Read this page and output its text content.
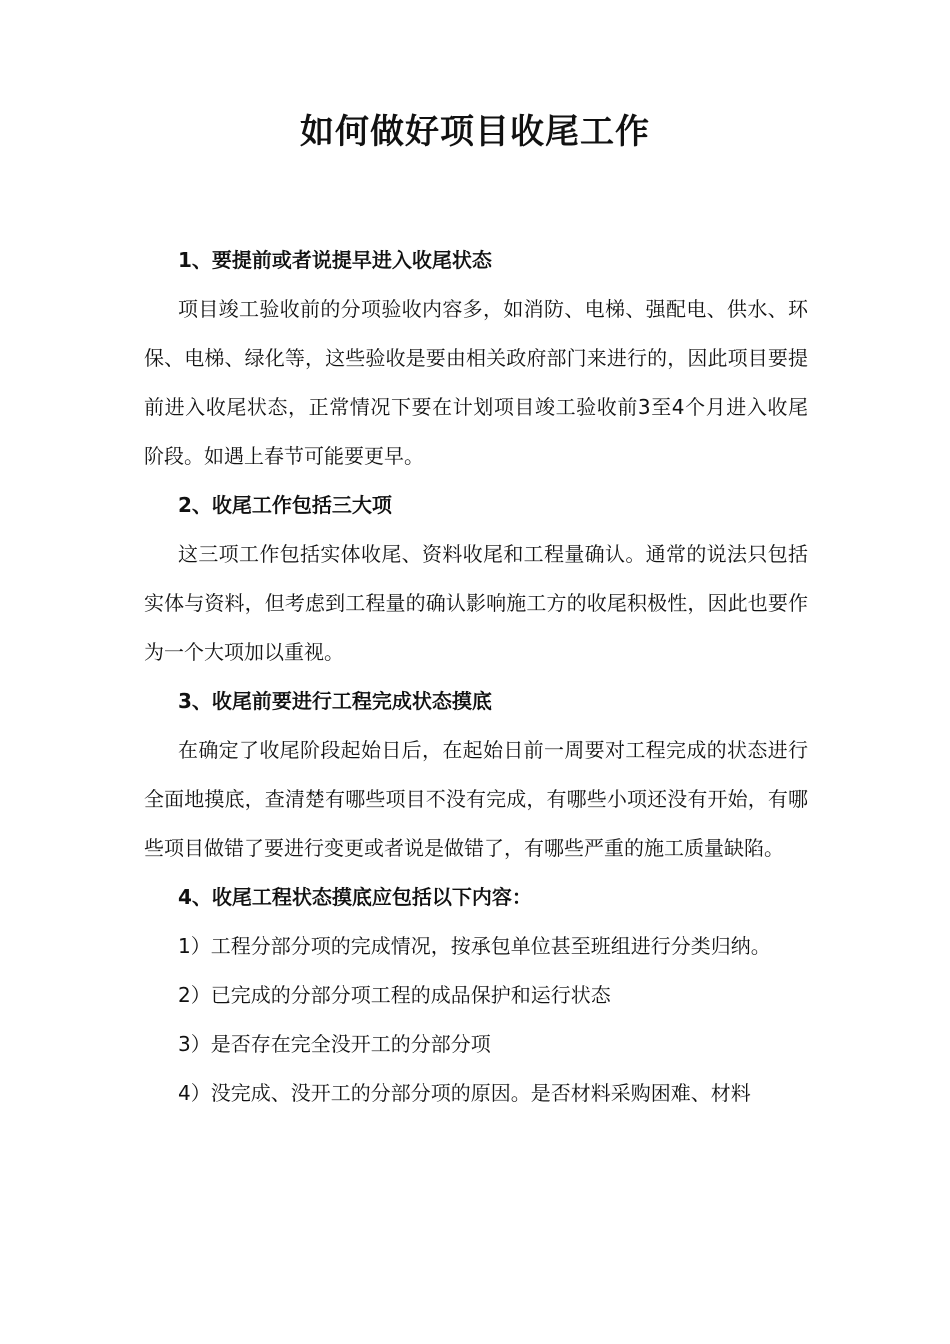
如何做好项目收尾工作

1、要提前或者说提早进入收尾状态

项目竣工验收前的分项验收内容多，如消防、电梯、强配电、供水、环保、电梯、绿化等，这些验收是要由相关政府部门来进行的，因此项目要提前进入收尾状态，正常情况下要在计划项目竣工验收前3至4个月进入收尾阶段。如遇上春节可能要更早。

2、收尾工作包括三大项

这三项工作包括实体收尾、资料收尾和工程量确认。通常的说法只包括实体与资料，但考虑到工程量的确认影响施工方的收尾积极性，因此也要作为一个大项加以重视。

3、收尾前要进行工程完成状态摸底

在确定了收尾阶段起始日后，在起始日前一周要对工程完成的状态进行全面地摸底，查清楚有哪些项目不没有完成，有哪些小项还没有开始，有哪些项目做错了要进行变更或者说是做错了，有哪些严重的施工质量缺陷。

4、收尾工程状态摸底应包括以下内容：

1）工程分部分项的完成情况，按承包单位甚至班组进行分类归纳。

2）已完成的分部分项工程的成品保护和运行状态

3）是否存在完全没开工的分部分项

4）没完成、没开工的分部分项的原因。是否材料采购困难、材料
